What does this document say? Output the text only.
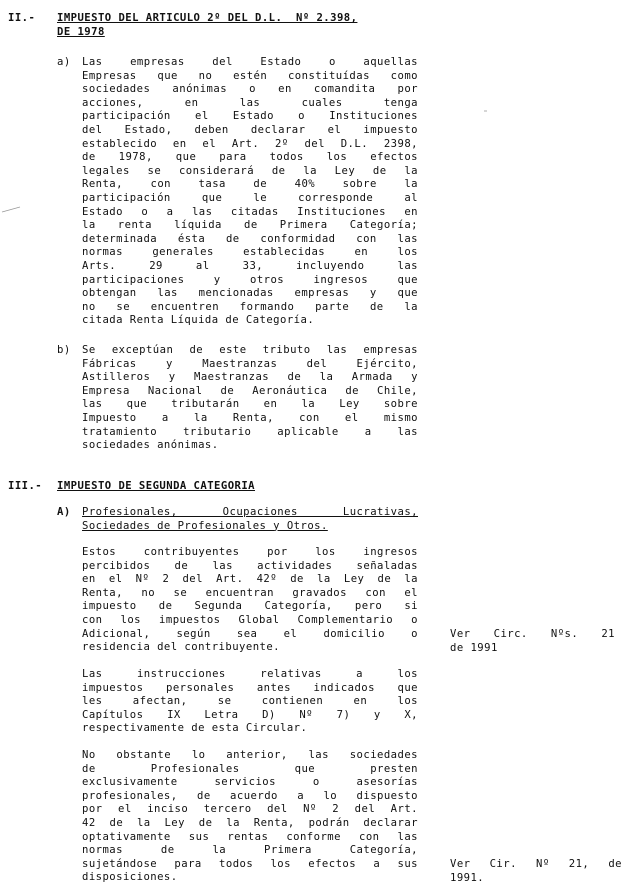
II.- IMPUESTO DEL ARTICULO 2º DEL D.L.  Nº 2.398,
DE 1978
a) Las empresas del Estado o aquellas
Empresas que no estén constituídas como
sociedades anónimas o en comandita por
acciones, en las cuales tenga
participación el Estado o Instituciones
del Estado, deben declarar el impuesto
establecido en el Art. 2º del D.L. 2398,
de 1978, que para todos los efectos
legales se considerará de la Ley de la
Renta, con tasa de 40% sobre la
participación que le corresponde al
Estado o a las citadas Instituciones en
la renta líquida de Primera Categoría;
determinada ésta de conformidad con las
normas generales establecidas en los
Arts. 29 al 33, incluyendo las
participaciones y otros ingresos que
obtengan las mencionadas empresas y que
no se encuentren formando parte de la
citada Renta Líquida de Categoría.
b) Se exceptúan de este tributo las empresas
Fábricas y Maestranzas del Ejército,
Astilleros y Maestranzas de la Armada y
Empresa Nacional de Aeronáutica de Chile,
las que tributarán en la Ley sobre
Impuesto a la Renta, con el mismo
tratamiento tributario aplicable a las
sociedades anónimas.
III.- IMPUESTO DE SEGUNDA CATEGORIA
A) Profesionales, Ocupaciones Lucrativas,
Sociedades de Profesionales y Otros.
Estos contribuyentes por los ingresos
percibidos de las actividades señaladas
en el Nº 2 del Art. 42º de la Ley de la
Renta, no se encuentran gravados con el
impuesto de Segunda Categoría, pero si
con los impuestos Global Complementario o
Adicional, según sea el domicilio o
residencia del contribuyente.
Las instrucciones relativas a los
impuestos personales antes indicados que
les afectan, se contienen en los
Capítulos IX Letra D) Nº 7) y X,
respectivamente de esta Circular.
No obstante lo anterior, las sociedades
de Profesionales que presten
exclusivamente servicios o asesorías
profesionales, de acuerdo a lo dispuesto
por el inciso tercero del Nº 2 del Art.
42 de la Ley de la Renta, podrán declarar
optativamente sus rentas conforme con las
normas de la Primera Categoría,
sujetándose para todos los efectos a sus
disposiciones.
Ver Circ. Nºs. 21
de 1991
Ver Cir. Nº 21, de
1991.
